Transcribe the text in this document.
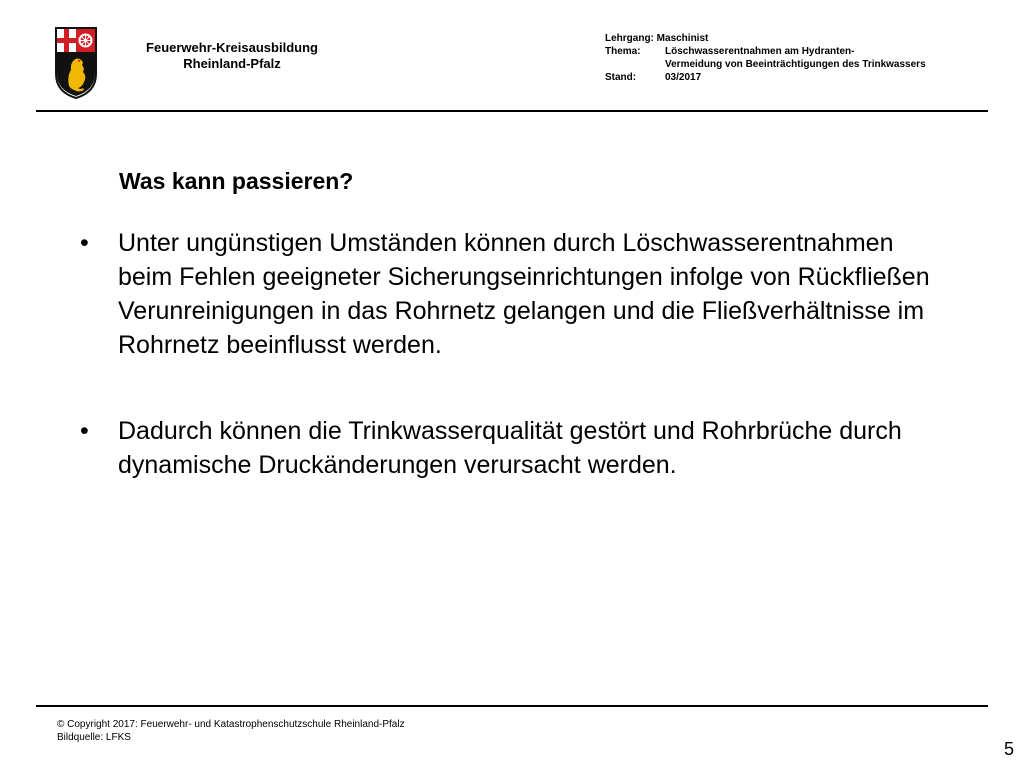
Feuerwehr-Kreisausbildung
Rheinland-Pfalz
Lehrgang:
Maschinist
Thema:	Löschwasserentnahmen am Hydranten-
Vermeidung von Beeinträchtigungen des Trinkwassers
Stand:	03/2017
Was kann passieren?
•	Unter ungünstigen Umständen können durch Löschwasserentnahmen beim Fehlen geeigneter Sicherungseinrichtungen infolge von Rückfließen Verunreinigungen in das Rohrnetz gelangen und die Fließverhältnisse im Rohrnetz beeinflusst werden.
•	Dadurch können die Trinkwasserqualität gestört und Rohrbrüche durch dynamische Druckänderungen verursacht werden.
© Copyright 2017: Feuerwehr- und Katastrophenschutzschule Rheinland-Pfalz
Bildquelle: LFKS
5
